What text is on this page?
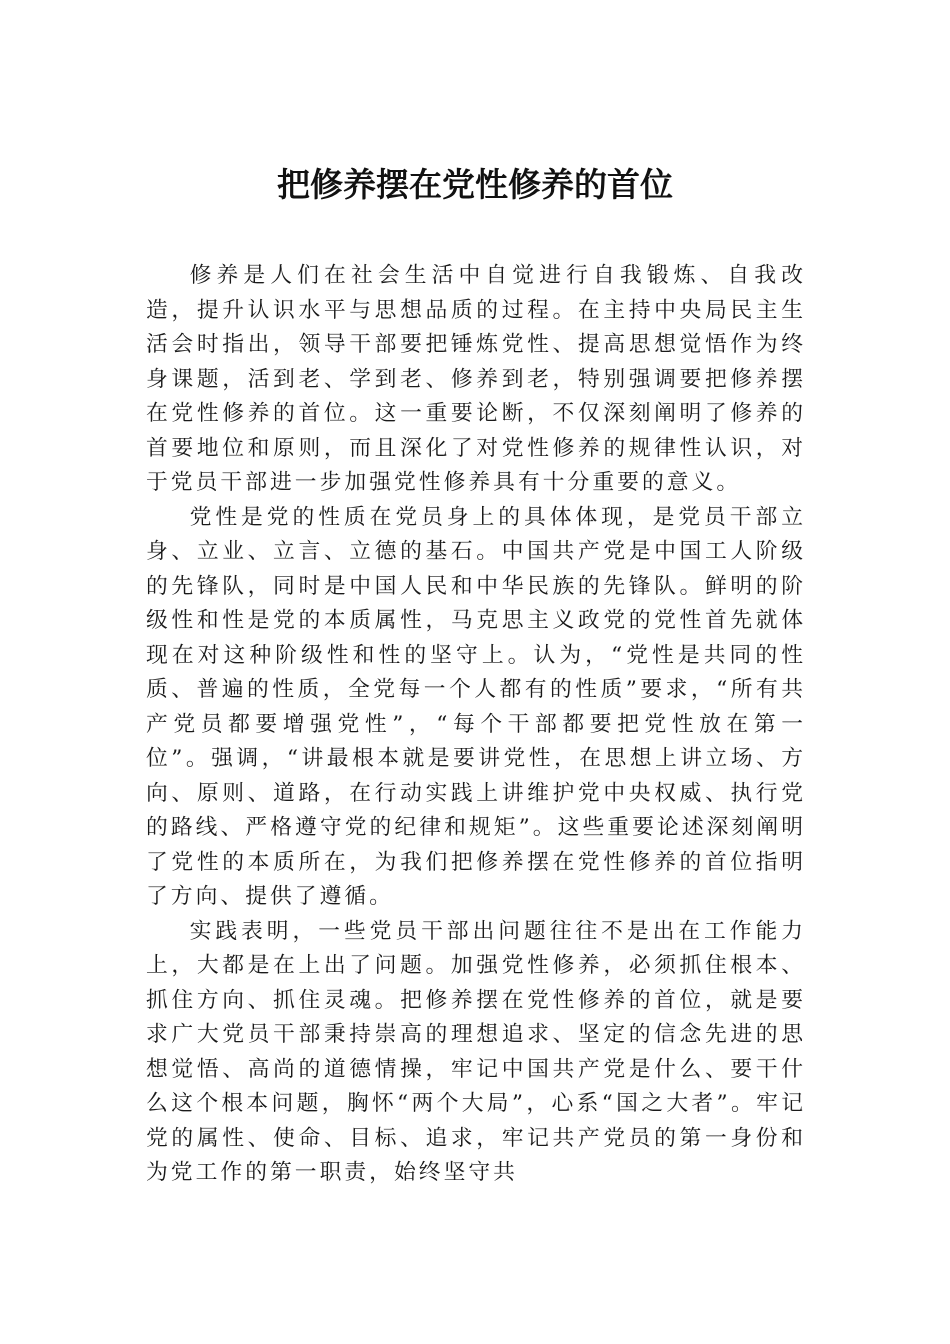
把修养摆在党性修养的首位

修养是人们在社会生活中自觉进行自我锻炼、自我改造，提升认识水平与思想品质的过程。在主持中央局民主生活会时指出，领导干部要把锤炼党性、提高思想觉悟作为终身课题，活到老、学到老、修养到老，特别强调要把修养摆在党性修养的首位。这一重要论断，不仅深刻阐明了修养的首要地位和原则，而且深化了对党性修养的规律性认识，对于党员干部进一步加强党性修养具有十分重要的意义。

党性是党的性质在党员身上的具体体现，是党员干部立身、立业、立言、立德的基石。中国共产党是中国工人阶级的先锋队，同时是中国人民和中华民族的先锋队。鲜明的阶级性和性是党的本质属性，马克思主义政党的党性首先就体现在对这种阶级性和性的坚守上。认为，“党性是共同的性质、普遍的性质，全党每一个人都有的性质”要求，“所有共产党员都要增强党性”，“每个干部都要把党性放在第一位”。强调，“讲最根本就是要讲党性，在思想上讲立场、方向、原则、道路，在行动实践上讲维护党中央权威、执行党的路线、严格遵守党的纪律和规矩”。这些重要论述深刻阐明了党性的本质所在，为我们把修养摆在党性修养的首位指明了方向、提供了遵循。

实践表明，一些党员干部出问题往往不是出在工作能力上，大都是在上出了问题。加强党性修养，必须抓住根本、抓住方向、抓住灵魂。把修养摆在党性修养的首位，就是要求广大党员干部秉持崇高的理想追求、坚定的信念先进的思想觉悟、高尚的道德情操，牢记中国共产党是什么、要干什么这个根本问题，胸怀“两个大局”，心系“国之大者”。牢记党的属性、使命、目标、追求，牢记共产党员的第一身份和为党工作的第一职责，始终坚守共
